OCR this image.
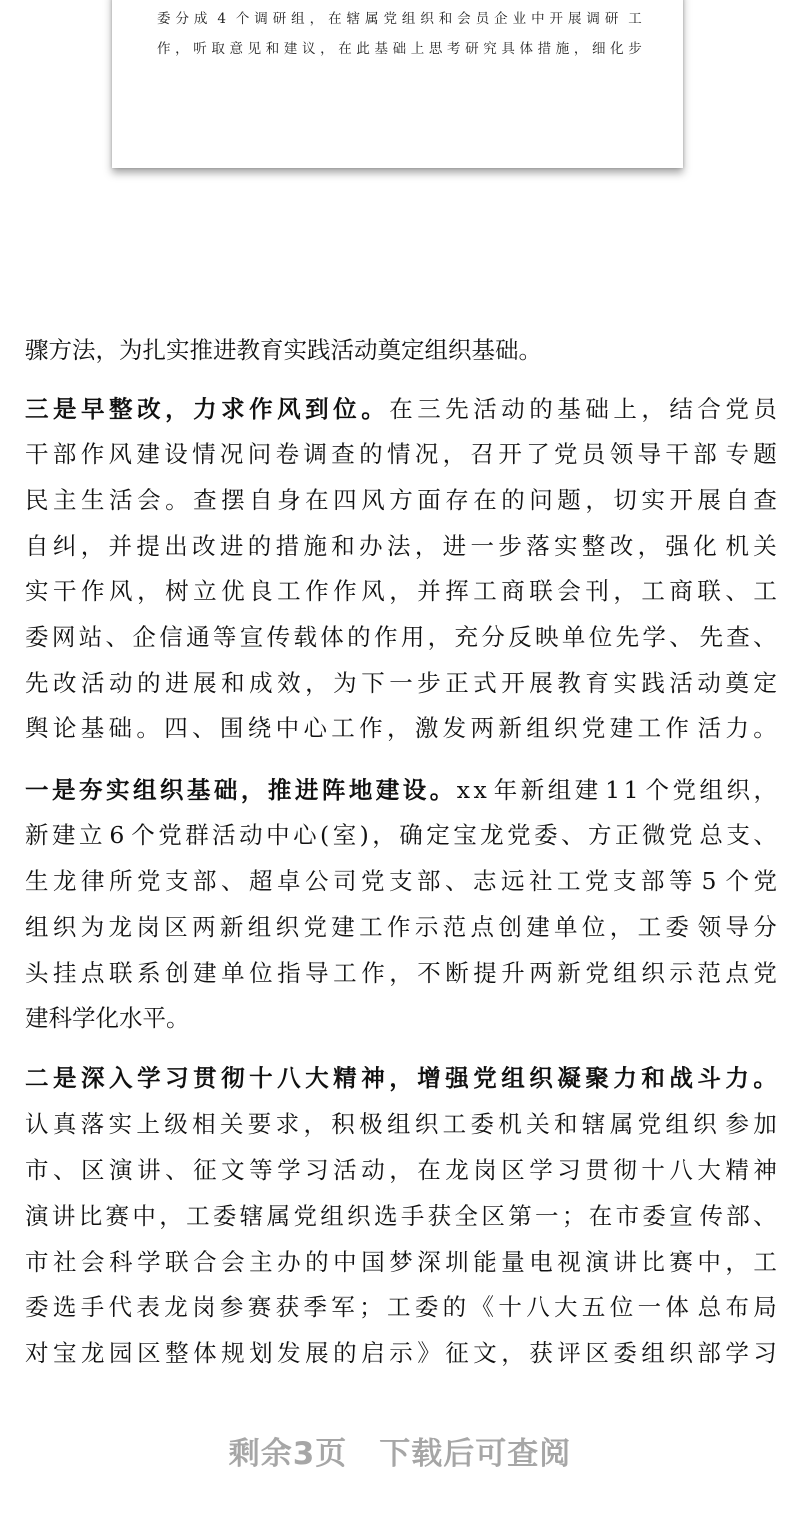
委 分 成 4 个 调 研 组 ， 在 辖 属 党 组 织 和 会 员 企 业 中 开 展 调 研 工
作 ， 听 取 意 见 和 建 议 ， 在 此 基 础 上 思 考 研 究 具 体 措 施 ， 细 化 步
骤 方 法 ， 为 扎 实 推 进 教 育 实 践 活 动 奠 定 组 织 基 础 。
三 是 早 整 改 ， 力 求 作 风 到 位 。 在 三 先 活 动 的 基 础 上 ， 结 合 党 员
干 部 作 风 建 设 情 况 问 卷 调 查 的 情 况 ， 召 开 了 党 员 领 导 干 部 专 题
民 主 生 活 会 。 查 摆 自 身 在 四 风 方 面 存 在 的 问 题 ， 切 实 开 展 自 查
自 纠 ， 并 提 出 改 进 的 措 施 和 办 法 ， 进 一 步 落 实 整 改 ， 强 化 机 关
实 干 作 风 ， 树 立 优 良 工 作 作 风 ， 并 挥 工 商 联 会 刊 ， 工 商 联 、 工
委 网 站 、 企 信 通 等 宣 传 载 体 的 作 用 ， 充 分 反 映 单 位 先 学 、 先 查 、
先 改 活 动 的 进 展 和 成 效 ， 为 下 一 步 正 式 开 展 教 育 实 践 活 动 奠 定
舆 论 基 础 。 四 、 围 绕 中 心 工 作 ， 激 发 两 新 组 织 党 建 工 作 活 力 。
一 是 夯 实 组 织 基 础 ， 推 进 阵 地 建 设 。 x x 年 新 组 建 1 1 个 党 组 织 ，
新 建 立 6 个 党 群 活 动 中 心 ( 室 ) ， 确 定 宝 龙 党 委 、 方 正 微 党 总 支 、
生 龙 律 所 党 支 部 、 超 卓 公 司 党 支 部 、 志 远 社 工 党 支 部 等 5 个 党
组 织 为 龙 岗 区 两 新 组 织 党 建 工 作 示 范 点 创 建 单 位 ， 工 委 领 导 分
头 挂 点 联 系 创 建 单 位 指 导 工 作 ， 不 断 提 升 两 新 党 组 织 示 范 点 党
建 科 学 化 水 平 。
二 是 深 入 学 习 贯 彻 十 八 大 精 神 ， 增 强 党 组 织 凝 聚 力 和 战 斗 力 。
认 真 落 实 上 级 相 关 要 求 ， 积 极 组 织 工 委 机 关 和 辖 属 党 组 织 参 加
市 、 区 演 讲 、 征 文 等 学 习 活 动 ， 在 龙 岗 区 学 习 贯 彻 十 八 大 精 神
演 讲 比 赛 中 ， 工 委 辖 属 党 组 织 选 手 获 全 区 第 一 ； 在 市 委 宣 传 部 、
市 社 会 科 学 联 合 会 主 办 的 中 国 梦 深 圳 能 量 电 视 演 讲 比 赛 中 ， 工
委 选 手 代 表 龙 岗 参 赛 获 季 军 ； 工 委 的 《 十 八 大 五 位 一 体 总 布 局
对 宝 龙 园 区 整 体 规 划 发 展 的 启 示 》 征 文 ， 获 评 区 委 组 织 部 学 习
剩余3页 下载后可查阅
